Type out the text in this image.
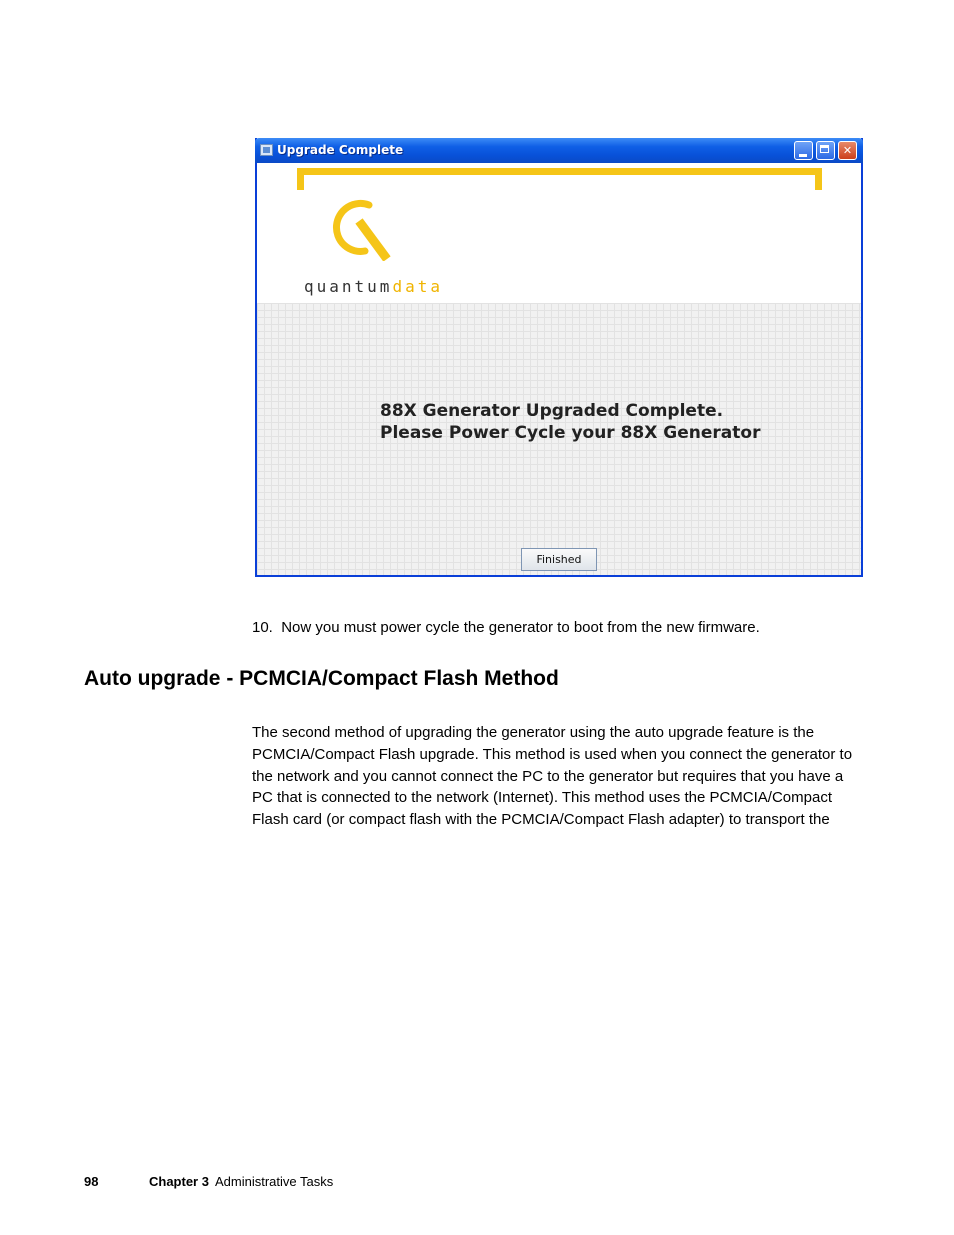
Upgrade Complete	✕
quantumdata
88X Generator Upgraded Complete.
Please Power Cycle your 88X Generator
Finished
10. Now you must power cycle the generator to boot from the new firmware.
Auto upgrade - PCMCIA/Compact Flash Method
The second method of upgrading the generator using the auto upgrade feature is the
PCMCIA/Compact Flash upgrade. This method is used when you connect the generator to
the network and you cannot connect the PC to the generator but requires that you have a
PC that is connected to the network (Internet). This method uses the PCMCIA/Compact
Flash card (or compact flash with the PCMCIA/Compact Flash adapter) to transport the
98	Chapter 3 Administrative Tasks
